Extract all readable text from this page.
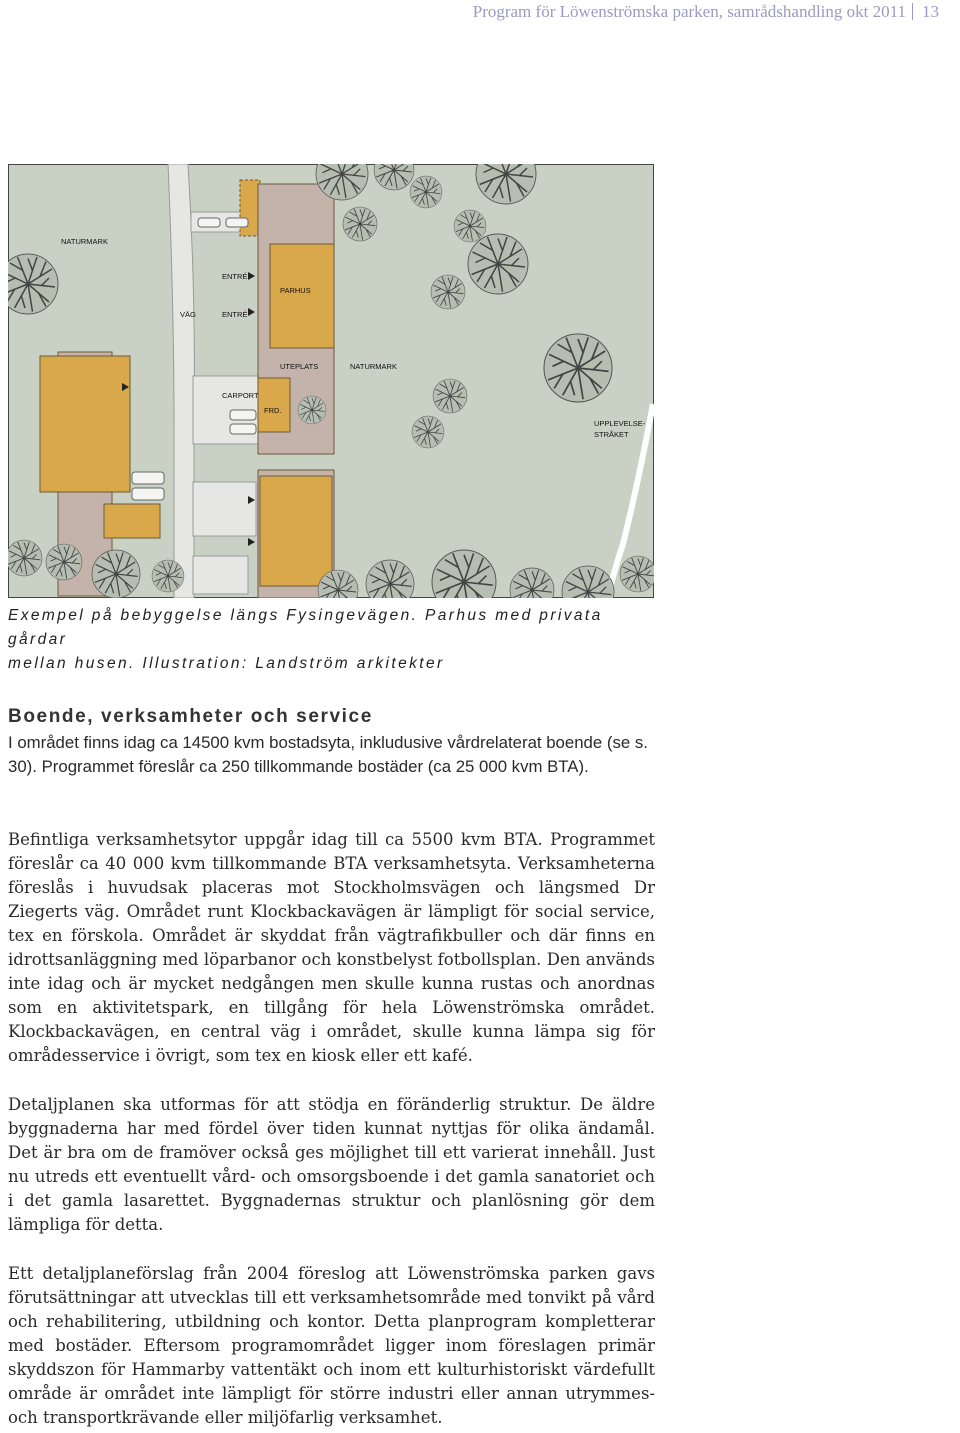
Program för Löwenströmska parken, samrådshandling okt 2011 13
NATURMARK
ENTRÉ
PARHUS
VÄG	ENTRÉ
UTEPLATS	NATURMARK
CARPORT
FRD.
UPPLEVELSE-
STRÅKET
Exempel på bebyggelse längs Fysingevägen. Parhus med privata gårdar
mellan husen. Illustration: Landström arkitekter
Boende, verksamheter och service

I området finns idag ca 14500 kvm bostadsyta, inkludusive vårdrelaterat boende (se s. 30). Programmet föreslår ca 250 tillkommande bostäder (ca 25 000 kvm BTA).

Befintliga verksamhetsytor uppgår idag till ca 5500 kvm BTA. Programmet föreslår ca 40 000 kvm tillkommande BTA verksamhetsyta. Verksamheterna föreslås i huvudsak placeras mot Stockholmsvägen och längsmed Dr Ziegerts väg. Området runt Klockbackavägen är lämpligt för social service, tex en förskola. Området är skyddat från vägtrafikbuller och där finns en idrottsanläggning med löparbanor och konstbelyst fotbollsplan. Den används inte idag och är mycket nedgången men skulle kunna rustas och anordnas som en aktivitetspark, en tillgång för hela Löwenströmska området. Klockbackavägen, en central väg i området, skulle kunna lämpa sig för områdesservice i övrigt, som tex en kiosk eller ett kafé.

Detaljplanen ska utformas för att stödja en föränderlig struktur. De äldre byggnaderna har med fördel över tiden kunnat nyttjas för olika ändamål. Det är bra om de framöver också ges möjlighet till ett varierat innehåll. Just nu utreds ett eventuellt vård- och omsorgsboende i det gamla sanatoriet och i det gamla lasarettet. Byggnadernas struktur och planlösning gör dem lämpliga för detta.

Ett detaljplaneförslag från 2004 föreslog att Löwenströmska parken gavs förutsättningar att utvecklas till ett verksamhetsområde med tonvikt på vård och rehabilitering, utbildning och kontor. Detta planprogram kompletterar med bostäder. Eftersom programområdet ligger inom föreslagen primär skyddszon för Hammarby vattentäkt och inom ett kulturhistoriskt värdefullt område är området inte lämpligt för större industri eller annan utrymmes- och transportkrävande eller miljöfarlig verksamhet.
